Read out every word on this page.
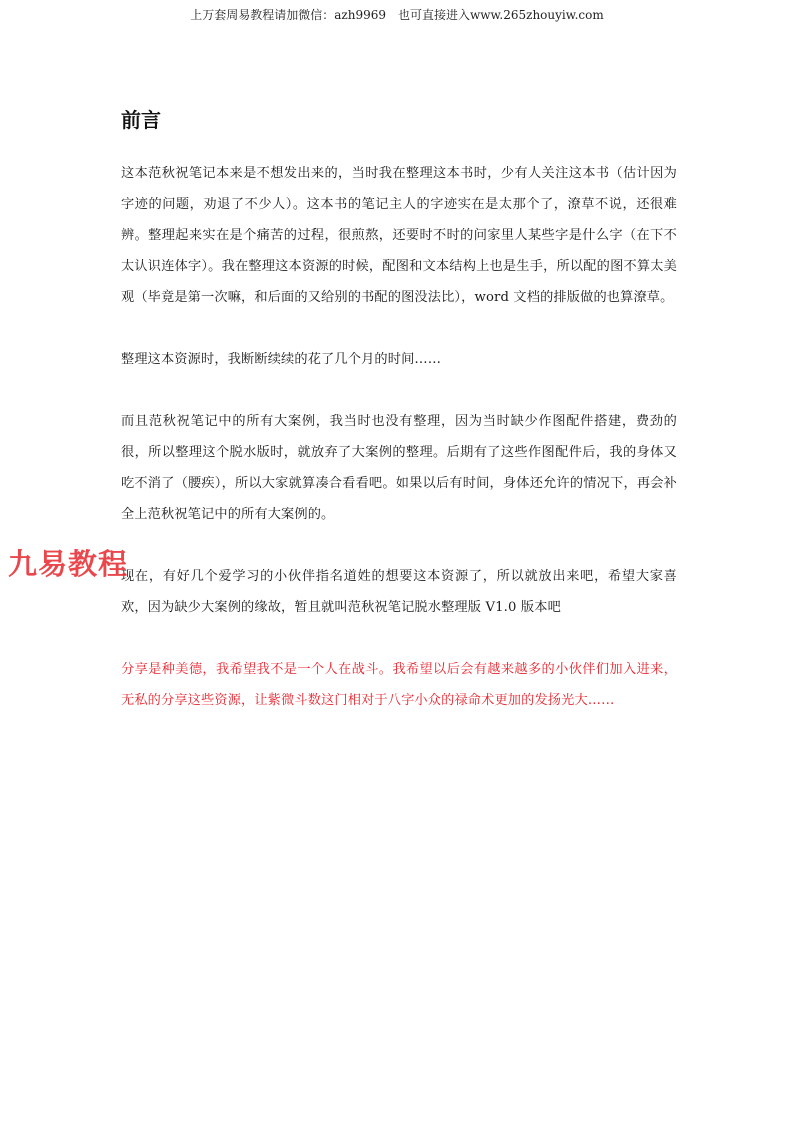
上万套周易教程请加微信：azh9969 也可直接进入www.265zhouyiw.com
前言

这本范秋祝笔记本来是不想发出来的，当时我在整理这本书时，少有人关注这本书（估计因为字迹的问题，劝退了不少人）。这本书的笔记主人的字迹实在是太那个了，潦草不说，还很难辨。整理起来实在是个痛苦的过程，很煎熬，还要时不时的问家里人某些字是什么字（在下不太认识连体字）。我在整理这本资源的时候，配图和文本结构上也是生手，所以配的图不算太美观（毕竟是第一次嘛，和后面的又给别的书配的图没法比），word 文档的排版做的也算潦草。

整理这本资源时，我断断续续的花了几个月的时间……

而且范秋祝笔记中的所有大案例，我当时也没有整理，因为当时缺少作图配件搭建，费劲的很，所以整理这个脱水版时，就放弃了大案例的整理。后期有了这些作图配件后，我的身体又吃不消了（腰疾），所以大家就算凑合看看吧。如果以后有时间，身体还允许的情况下，再会补全上范秋祝笔记中的所有大案例的。

现在，有好几个爱学习的小伙伴指名道姓的想要这本资源了，所以就放出来吧，希望大家喜欢，因为缺少大案例的缘故，暂且就叫范秋祝笔记脱水整理版 V1.0 版本吧

分享是种美德，我希望我不是一个人在战斗。我希望以后会有越来越多的小伙伴们加入进来，无私的分享这些资源，让紫微斗数这门相对于八字小众的禄命术更加的发扬光大……

九易教程
